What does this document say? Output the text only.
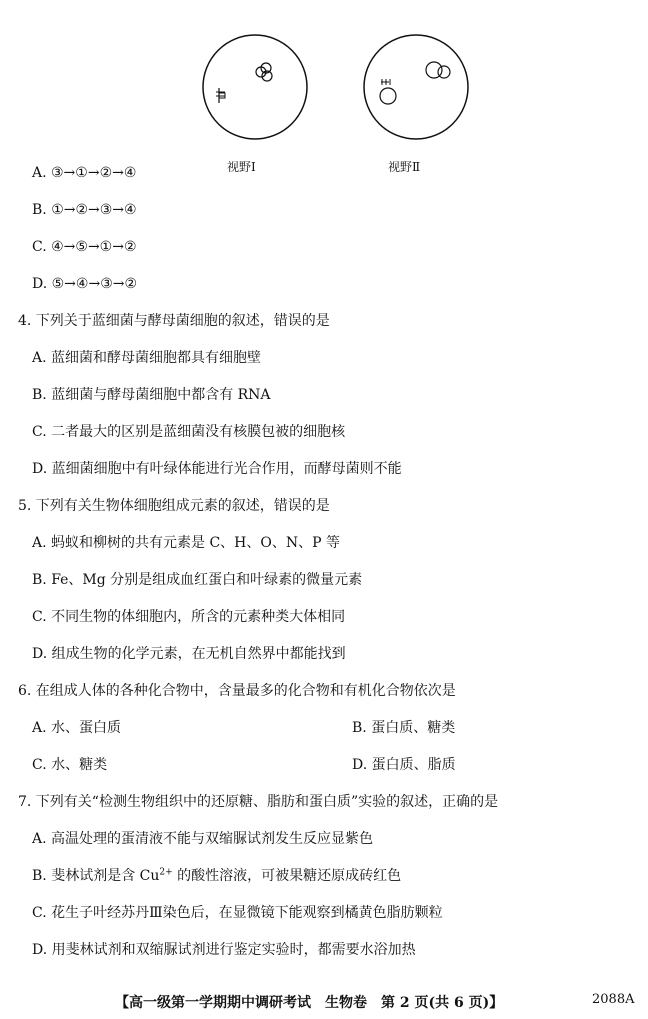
视野Ⅰ	视野Ⅱ
A. ③→①→②→④
B. ①→②→③→④
C. ④→⑤→①→②
D. ⑤→④→③→②
4. 下列关于蓝细菌与酵母菌细胞的叙述，错误的是
A. 蓝细菌和酵母菌细胞都具有细胞壁
B. 蓝细菌与酵母菌细胞中都含有 RNA
C. 二者最大的区别是蓝细菌没有核膜包被的细胞核
D. 蓝细菌细胞中有叶绿体能进行光合作用，而酵母菌则不能
5. 下列有关生物体细胞组成元素的叙述，错误的是
A. 蚂蚁和柳树的共有元素是 C、H、O、N、P 等
B. Fe、Mg 分别是组成血红蛋白和叶绿素的微量元素
C. 不同生物的体细胞内，所含的元素种类大体相同
D. 组成生物的化学元素，在无机自然界中都能找到
6. 在组成人体的各种化合物中，含量最多的化合物和有机化合物依次是
A. 水、蛋白质	B. 蛋白质、糖类
C. 水、糖类	D. 蛋白质、脂质
7. 下列有关“检测生物组织中的还原糖、脂肪和蛋白质”实验的叙述，正确的是
A. 高温处理的蛋清液不能与双缩脲试剂发生反应显紫色
B. 斐林试剂是含 $Cu^{2+}$ 的酸性溶液，可被果糖还原成砖红色
C. 花生子叶经苏丹Ⅲ染色后，在显微镜下能观察到橘黄色脂肪颗粒
D. 用斐林试剂和双缩脲试剂进行鉴定实验时，都需要水浴加热
【高一级第一学期期中调研考试　生物卷　第 2 页(共 6 页)】	2088A
